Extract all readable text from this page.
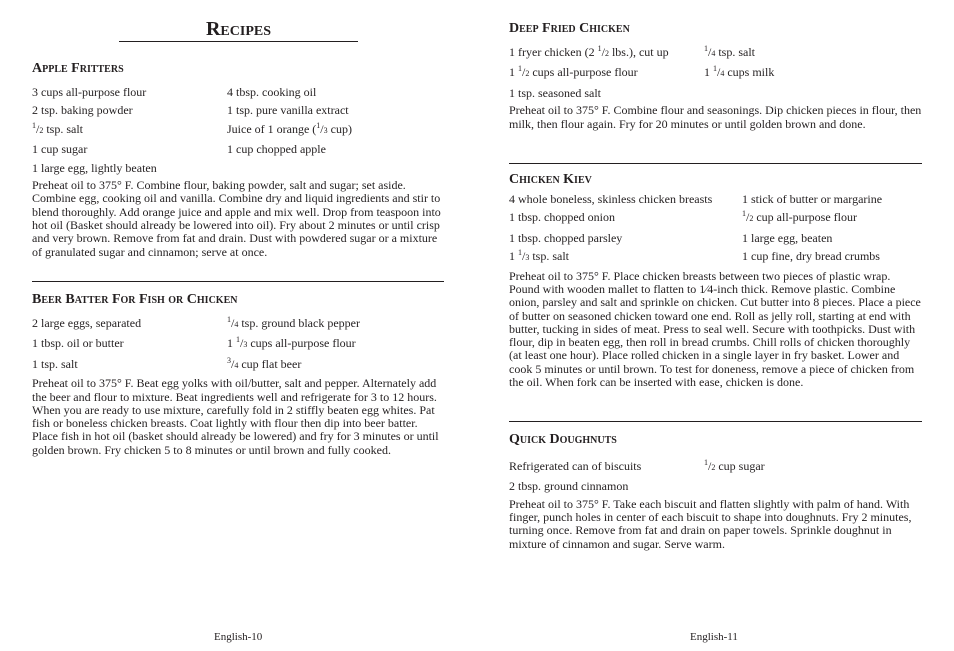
Recipes
Apple Fritters
3 cups all-purpose flour	4 tbsp. cooking oil
2 tsp. baking powder	1 tsp. pure vanilla extract
$^1$/2 tsp. salt	Juice of 1 orange ($^1$/3 cup)
1 cup sugar	1 cup chopped apple
1 large egg, lightly beaten

Preheat oil to 375° F. Combine flour, baking powder, salt and sugar; set aside. Combine egg, cooking oil and vanilla. Combine dry and liquid ingredients and stir to blend thoroughly. Add orange juice and apple and mix well. Drop from teaspoon into hot oil (Basket should already be lowered into oil). Fry about 2 minutes or until crisp and very brown. Remove from fat and drain. Dust with powdered sugar or a mixture of granulated sugar and cinnamon; serve at once.

Beer Batter For Fish or Chicken
2 large eggs, separated	$^1$/4 tsp. ground black pepper
1 tbsp. oil or butter	1 $^1$/3 cups all-purpose flour
1 tsp. salt	$^3$/4 cup flat beer

Preheat oil to 375° F. Beat egg yolks with oil/butter, salt and pepper. Alternately add the beer and flour to mixture. Beat ingredients well and refrigerate for 3 to 12 hours. When you are ready to use mixture, carefully fold in 2 stiffly beaten egg whites. Pat fish or boneless chicken breasts. Coat lightly with flour then dip into beer batter. Place fish in hot oil (basket should already be lowered) and fry for 3 minutes or until golden brown. Fry chicken 5 to 8 minutes or until brown and fully cooked.

English-10
Deep Fried Chicken
1 fryer chicken (2 $^1$/2 lbs.), cut up	$^1$/4 tsp. salt
1 $^1$/2 cups all-purpose flour	1 $^1$/4 cups milk
1 tsp. seasoned salt

Preheat oil to 375° F. Combine flour and seasonings. Dip chicken pieces in flour, then milk, then flour again. Fry for 20 minutes or until golden brown and done.

Chicken Kiev
4 whole boneless, skinless chicken breasts	1 stick of butter or margarine
1 tbsp. chopped onion	$^1$/2 cup all-purpose flour
1 tbsp. chopped parsley	1 large egg, beaten
1 $^1$/3 tsp. salt	1 cup fine, dry bread crumbs

Preheat oil to 375° F. Place chicken breasts between two pieces of plastic wrap. Pound with wooden mallet to flatten to 1⁄4-inch thick. Remove plastic. Combine onion, parsley and salt and sprinkle on chicken. Cut butter into 8 pieces. Place a piece of butter on seasoned chicken toward one end. Roll as jelly roll, starting at end with butter, tucking in sides of meat. Press to seal well. Secure with toothpicks. Dust with flour, dip in beaten egg, then roll in bread crumbs. Chill rolls of chicken thoroughly (at least one hour). Place rolled chicken in a single layer in fry basket. Lower and cook 5 minutes or until brown. To test for doneness, remove a piece of chicken from the oil. When fork can be inserted with ease, chicken is done.

Quick Doughnuts
Refrigerated can of biscuits	$^1$/2 cup sugar
2 tbsp. ground cinnamon

Preheat oil to 375° F. Take each biscuit and flatten slightly with palm of hand. With finger, punch holes in center of each biscuit to shape into doughnuts. Fry 2 minutes, turning once. Remove from fat and drain on paper towels. Sprinkle doughnut in mixture of cinnamon and sugar. Serve warm.

English-11
